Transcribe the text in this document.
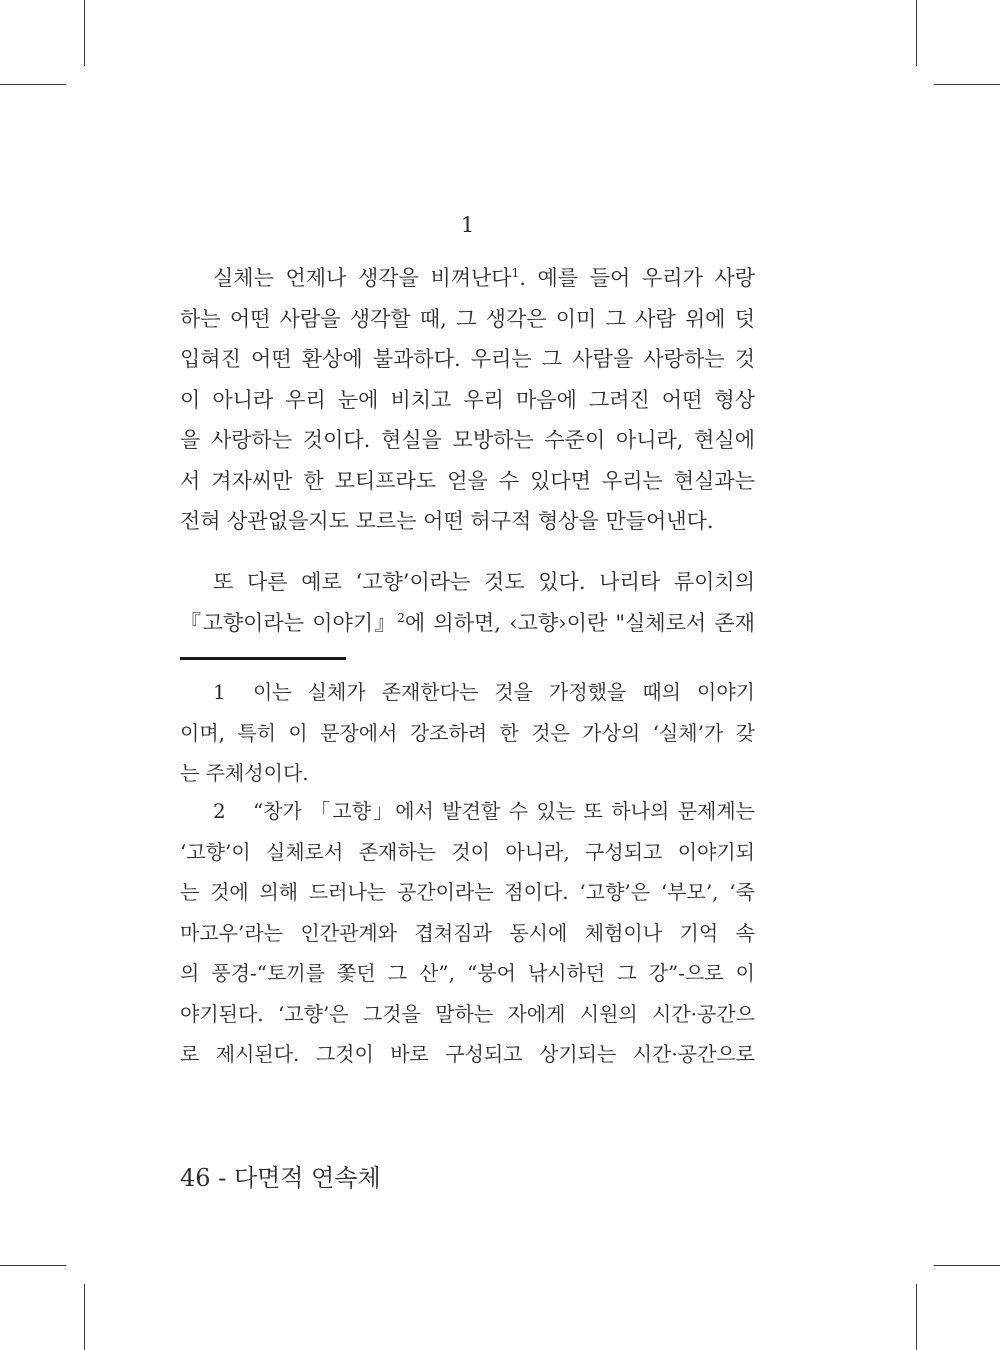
1
실체는 언제나 생각을 비껴난다$^1$. 예를 들어 우리가 사랑
하는 어떤 사람을 생각할 때, 그 생각은 이미 그 사람 위에 덧
입혀진 어떤 환상에 불과하다. 우리는 그 사람을 사랑하는 것
이 아니라 우리 눈에 비치고 우리 마음에 그려진 어떤 형상
을 사랑하는 것이다. 현실을 모방하는 수준이 아니라, 현실에
서 겨자씨만 한 모티프라도 얻을 수 있다면 우리는 현실과는
전혀 상관없을지도 모르는 어떤 허구적 형상을 만들어낸다.
또 다른 예로 ‘고향’이라는 것도 있다. 나리타 류이치의
『고향이라는 이야기』$^2$에 의하면, ‹고향›이란 "실체로서 존재
1 이는 실체가 존재한다는 것을 가정했을 때의 이야기
이며, 특히 이 문장에서 강조하려 한 것은 가상의 ‘실체’가 갖
는 주체성이다.
2 “창가 「고향」에서 발견할 수 있는 또 하나의 문제계는
‘고향’이 실체로서 존재하는 것이 아니라, 구성되고 이야기되
는 것에 의해 드러나는 공간이라는 점이다. ‘고향’은 ‘부모’, ‘죽
마고우’라는 인간관계와 겹쳐짐과 동시에 체험이나 기억 속
의 풍경-“토끼를 쫓던 그 산”, “붕어 낚시하던 그 강”-으로 이
야기된다. ‘고향’은 그것을 말하는 자에게 시원의 시간·공간으
로 제시된다. 그것이 바로 구성되고 상기되는 시간·공간으로
46 - 다면적 연속체
